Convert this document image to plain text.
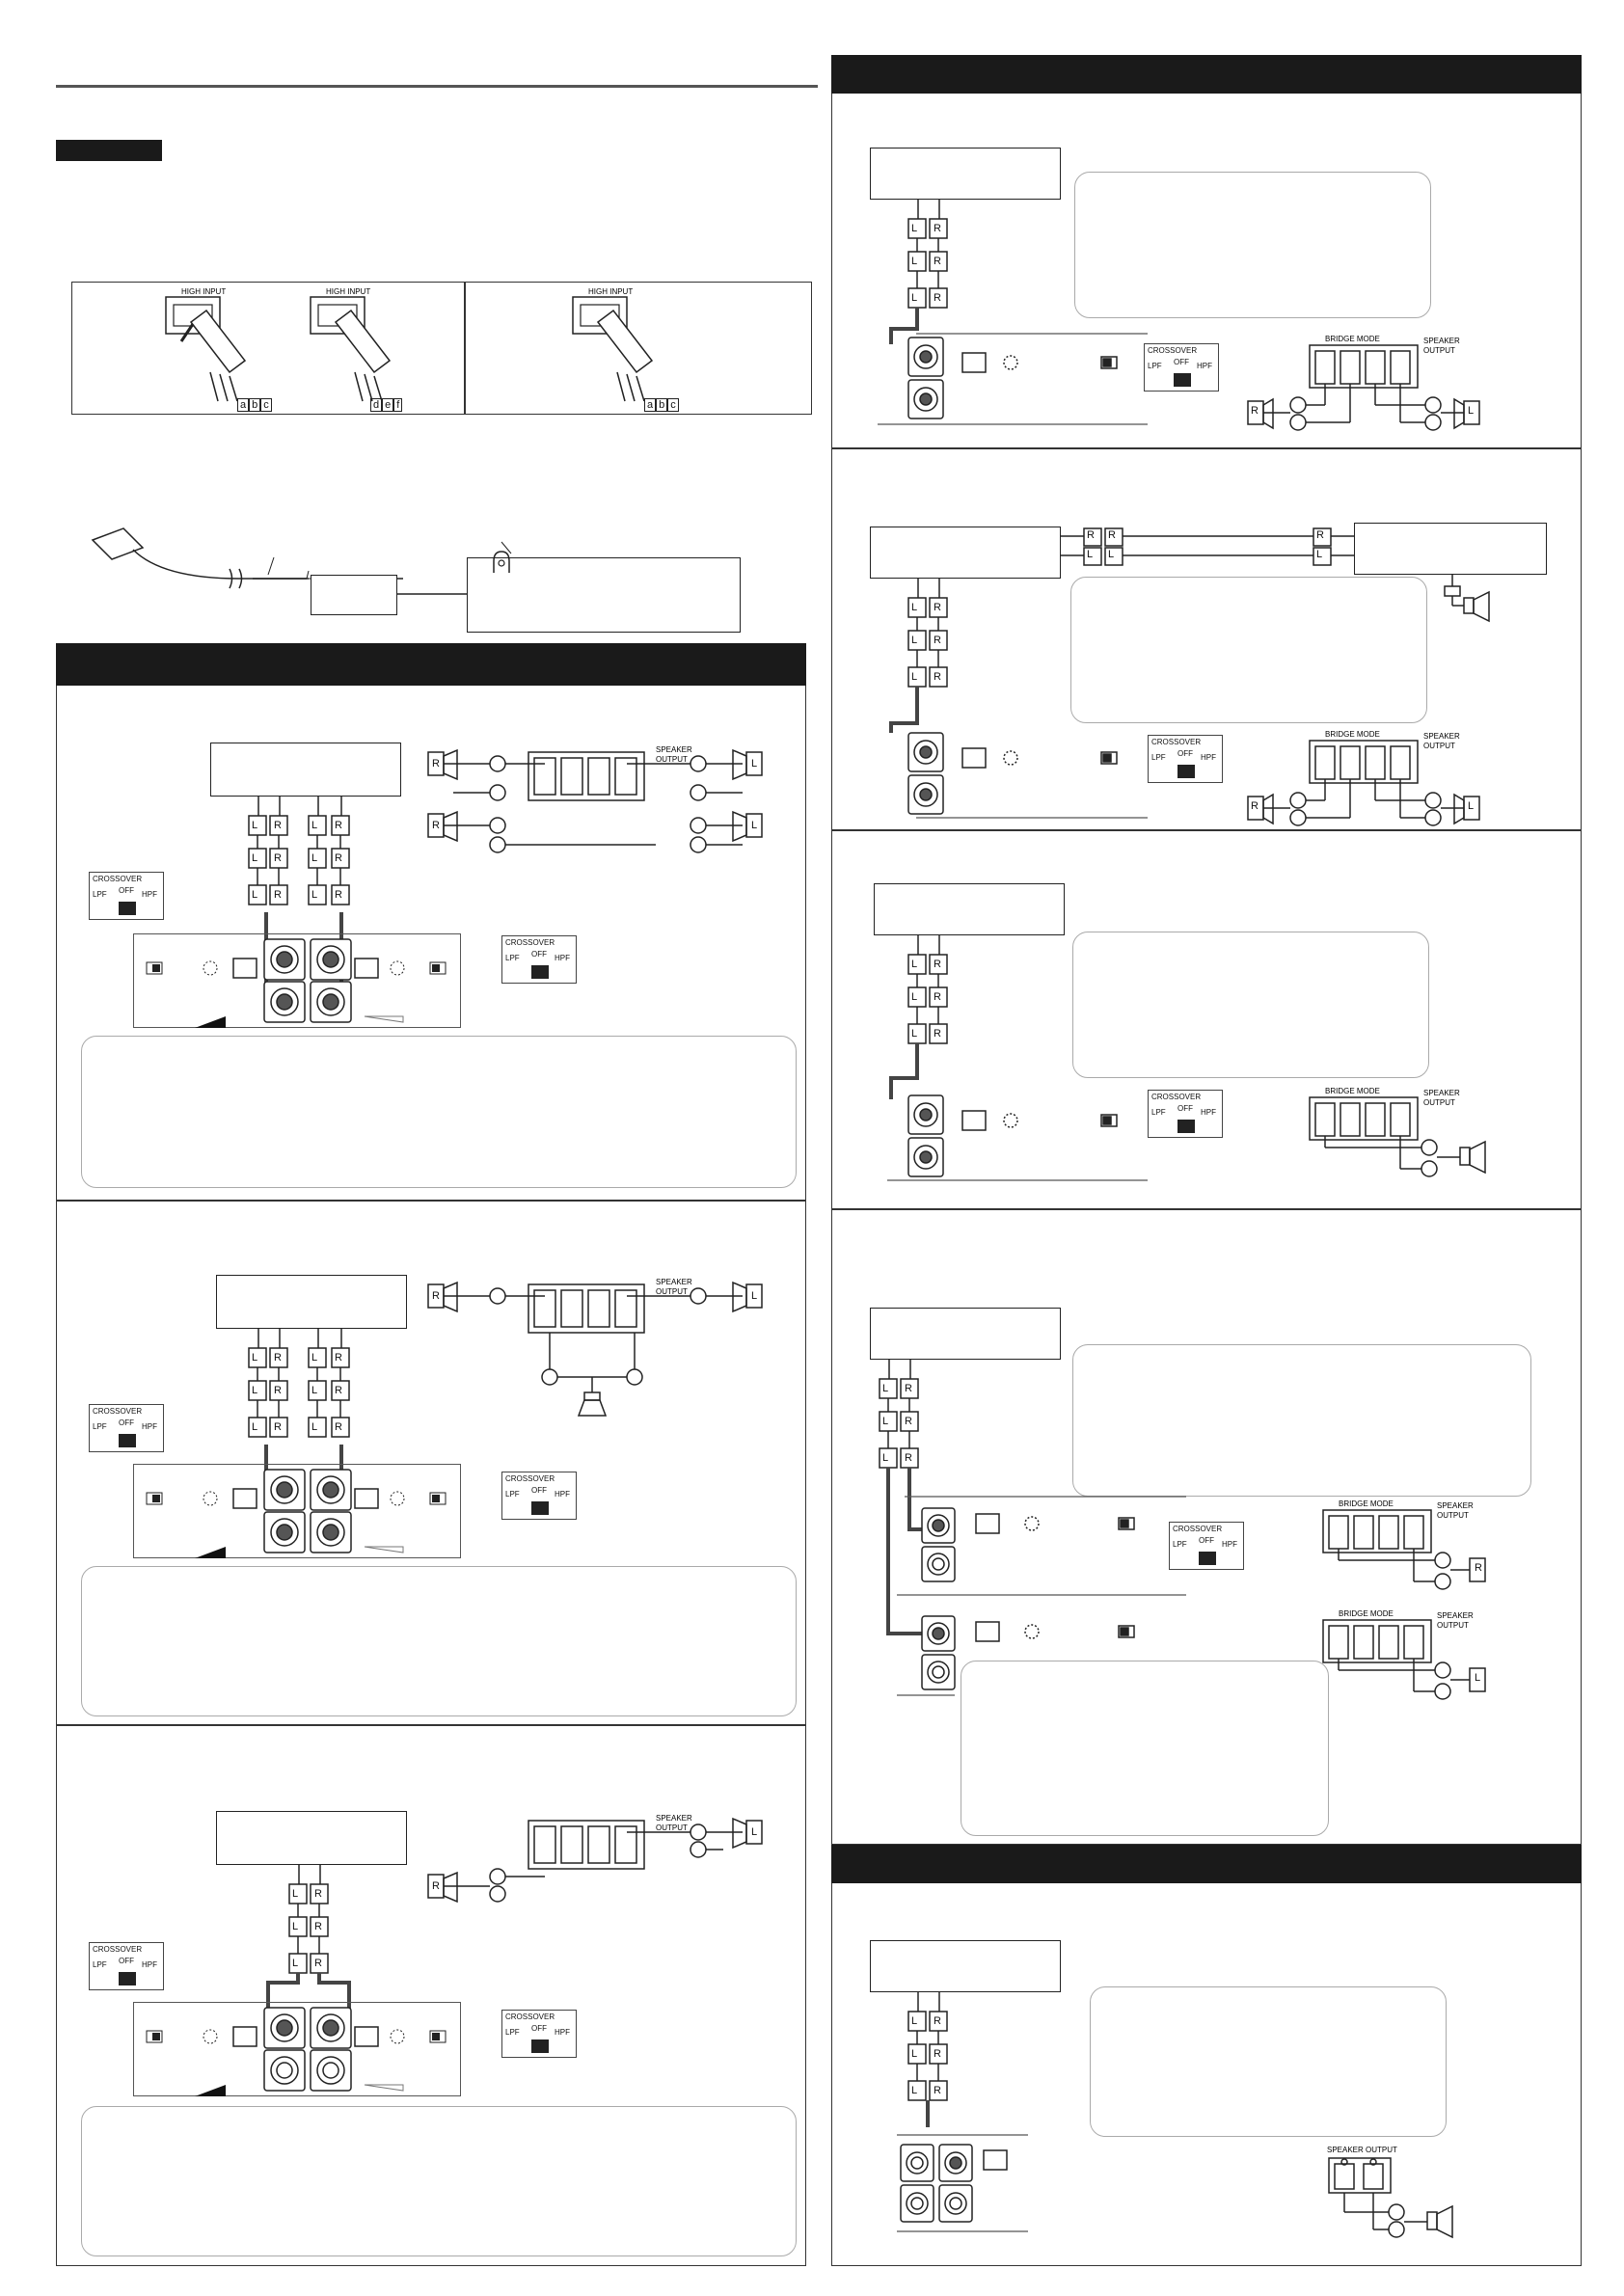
HIGH INPUT
a b c
HIGH INPUT
d e f
HIGH INPUT
a b c
L R	L R
L R	L R
L R	L R
CROSSOVER
LPF OFF HPF
CROSSOVER
LPF OFF HPF
SPEAKER
OUTPUT
R	L
R	L
L R	L R
L R	L R
L R	L R
CROSSOVER
LPF OFF HPF
CROSSOVER
LPF OFF HPF
SPEAKER
OUTPUT
R	L
L R
L R
L R
CROSSOVER
LPF OFF HPF
CROSSOVER
LPF OFF HPF
SPEAKER
OUTPUT
R
L
L R
L R
L R
CROSSOVER
LPF OFF HPF
BRIDGE MODE	SPEAKER
OUTPUT
R	L
R R
L L
R
L
L R
L R
L R
CROSSOVER
LPF OFF HPF
BRIDGE MODE	SPEAKER
OUTPUT
R	L
L R
L R
L R
CROSSOVER
LPF OFF HPF
BRIDGE MODE	SPEAKER
OUTPUT
L R
L R
L R
CROSSOVER
LPF OFF HPF
BRIDGE MODE	SPEAKER
OUTPUT
R
BRIDGE MODE	SPEAKER
OUTPUT
L
L R
L R
L R
SPEAKER OUTPUT
